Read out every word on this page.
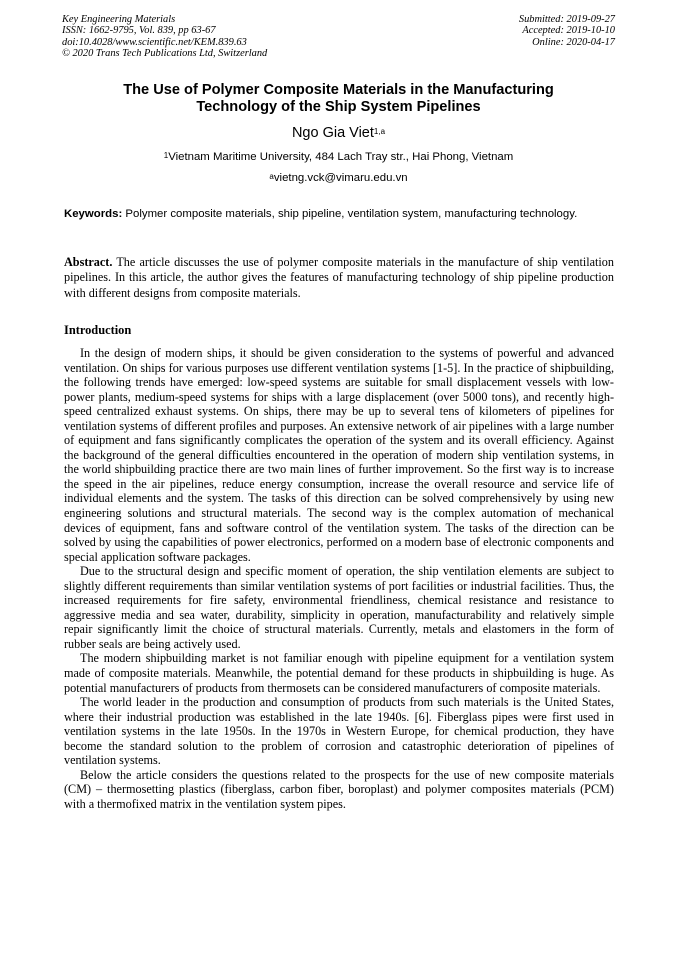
Key Engineering Materials
ISSN: 1662-9795, Vol. 839, pp 63-67
doi:10.4028/www.scientific.net/KEM.839.63
© 2020 Trans Tech Publications Ltd, Switzerland
Submitted: 2019-09-27
Accepted: 2019-10-10
Online: 2020-04-17
The Use of Polymer Composite Materials in the Manufacturing
Technology of the Ship System Pipelines
Ngo Gia Viet$^{1,a}$
$^1$Vietnam Maritime University, 484 Lach Tray str., Hai Phong, Vietnam
$^a$vietng.vck@vimaru.edu.vn
Keywords: Polymer composite materials, ship pipeline, ventilation system, manufacturing technology.
Abstract. The article discusses the use of polymer composite materials in the manufacture of ship ventilation pipelines. In this article, the author gives the features of manufacturing technology of ship pipeline production with different designs from composite materials.
Introduction

In the design of modern ships, it should be given consideration to the systems of powerful and advanced ventilation. On ships for various purposes use different ventilation systems [1-5]. In the practice of shipbuilding, the following trends have emerged: low-speed systems are suitable for small displacement vessels with low-power plants, medium-speed systems for ships with a large displacement (over 5000 tons), and recently high-speed centralized exhaust systems. On ships, there may be up to several tens of kilometers of pipelines for ventilation systems of different profiles and purposes. An extensive network of air pipelines with a large number of equipment and fans significantly complicates the operation of the system and its overall efficiency. Against the background of the general difficulties encountered in the operation of modern ship ventilation systems, in the world shipbuilding practice there are two main lines of further improvement. So the first way is to increase the speed in the air pipelines, reduce energy consumption, increase the overall resource and service life of individual elements and the system. The tasks of this direction can be solved comprehensively by using new engineering solutions and structural materials. The second way is the complex automation of mechanical devices of equipment, fans and software control of the ventilation system. The tasks of the direction can be solved by using the capabilities of power electronics, performed on a modern base of electronic components and special application software packages.

Due to the structural design and specific moment of operation, the ship ventilation elements are subject to slightly different requirements than similar ventilation systems of port facilities or industrial facilities. Thus, the increased requirements for fire safety, environmental friendliness, chemical resistance and resistance to aggressive media and sea water, durability, simplicity in operation, manufacturability and relatively simple repair significantly limit the choice of structural materials. Currently, metals and elastomers in the form of rubber seals are being actively used.

The modern shipbuilding market is not familiar enough with pipeline equipment for a ventilation system made of composite materials. Meanwhile, the potential demand for these products in shipbuilding is huge. As potential manufacturers of products from thermosets can be considered manufacturers of composite materials.

The world leader in the production and consumption of products from such materials is the United States, where their industrial production was established in the late 1940s. [6]. Fiberglass pipes were first used in ventilation systems in the late 1950s. In the 1970s in Western Europe, for chemical production, they have become the standard solution to the problem of corrosion and catastrophic deterioration of pipelines of ventilation systems.

Below the article considers the questions related to the prospects for the use of new composite materials (CM) – thermosetting plastics (fiberglass, carbon fiber, boroplast) and polymer composites materials (PCM) with a thermofixed matrix in the ventilation system pipes.
